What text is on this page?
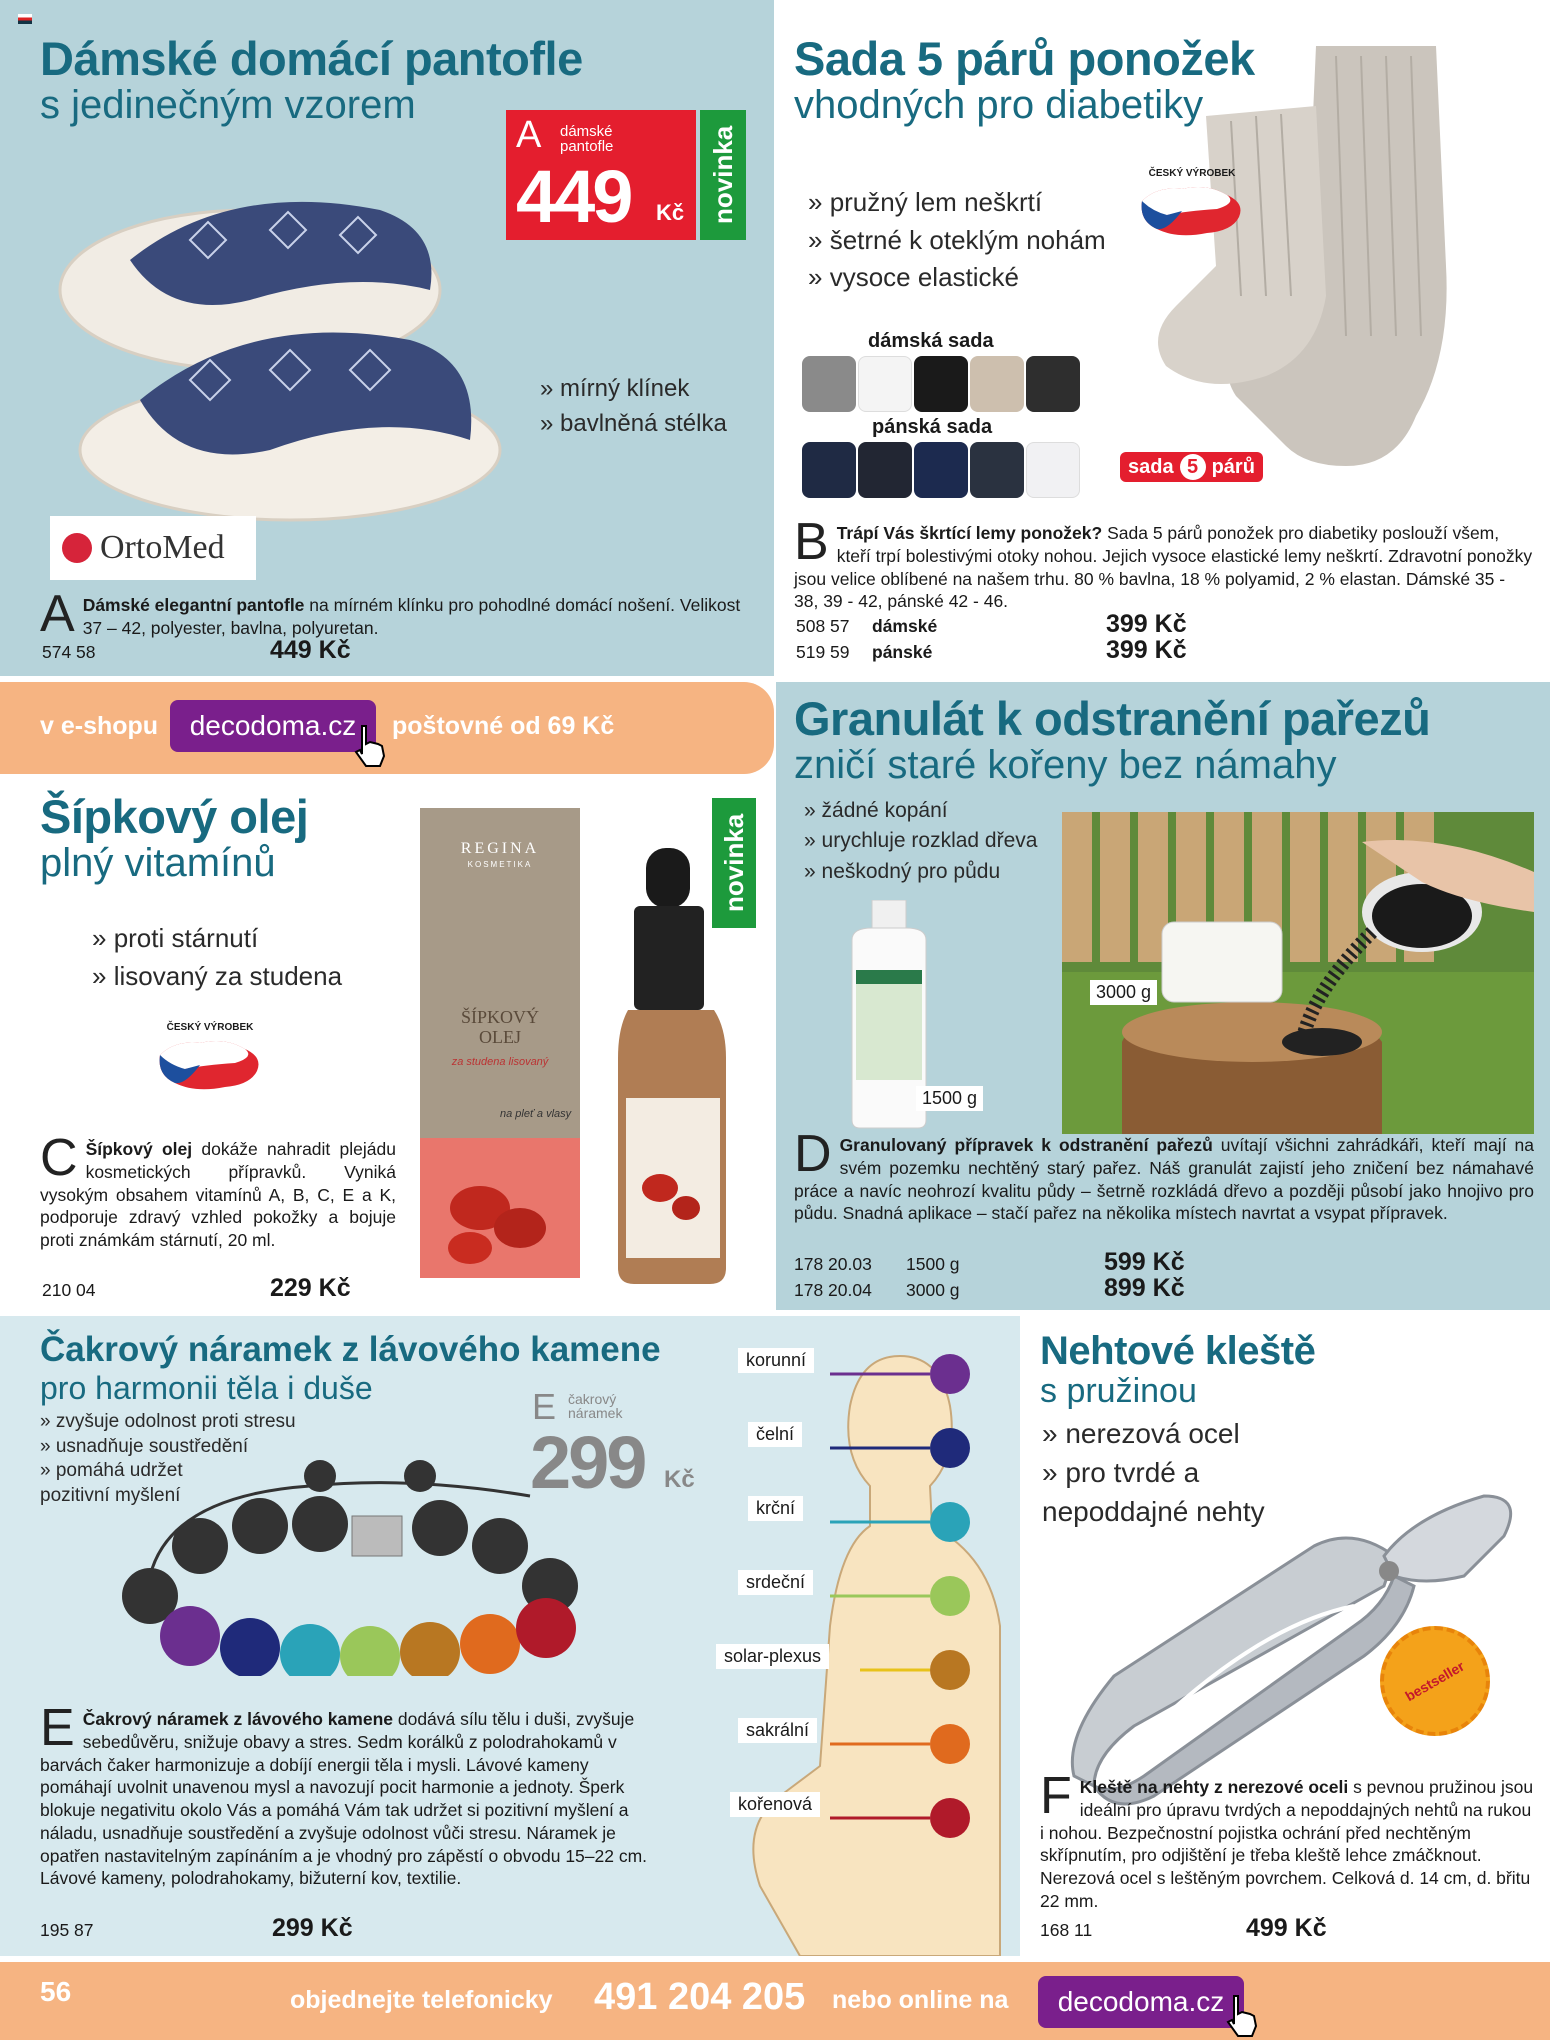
Dámské domácí pantofle
s jedinečným vzorem
A dámské pantofle
449 Kč novinka
» mírný klínek
» bavlněná stélka
OrtoMed
A Dámské elegantní pantofle na mírném klínku pro pohodlné domácí nošení. Velikost 37 – 42, polyester, bavlna, polyuretan.
574 58	449 Kč
Sada 5 párů ponožek
vhodných pro diabetiky
ČESKÝ VÝROBEK
» pružný lem neškrtí
» šetrné k oteklým nohám
» vysoce elastické
dámská sada
pánská sada
sada 5 párů
B Trápí Vás škrtící lemy ponožek? Sada 5 párů ponožek pro diabetiky poslouží všem, kteří trpí bolestivými otoky nohou. Jejich vysoce elastické lemy neškrtí. Zdravotní ponožky jsou velice oblíbené na našem trhu. 80 % bavlna, 18 % polyamid, 2 % elastan. Dámské 35 - 38, 39 - 42, pánské 42 - 46.
508 57 dámské	399 Kč
519 59 pánské	399 Kč
v e-shopu	decodoma.cz	poštovné od 69 Kč
Šípkový olej
plný vitamínů
» proti stárnutí
» lisovaný za studena
ČESKÝ VÝROBEK
REGINA
KOSMETIKA
ŠÍPKOVÝ OLEJ
za studena lisovaný
na pleť a vlasy
novinka
C Šípkový olej dokáže nahradit plejádu kosmetických přípravků. Vyniká vysokým obsahem vitamínů A, B, C, E a K, podporuje zdravý vzhled pokožky a bojuje proti známkám stárnutí, 20 ml.
210 04	229 Kč
Granulát k odstranění pařezů
zničí staré kořeny bez námahy
» žádné kopání
» urychluje rozklad dřeva
» neškodný pro půdu
1500 g
3000 g
D Granulovaný přípravek k odstranění pařezů uvítají všichni zahrádkáři, kteří mají na svém pozemku nechtěný starý pařez. Náš granulát zajistí jeho zničení bez námahavé práce a navíc neohrozí kvalitu půdy – šetrně rozkládá dřevo a později působí jako hnojivo pro půdu. Snadná aplikace – stačí pařez na několika místech navrtat a vsypat přípravek.
178 20.03 1500 g	599 Kč
178 20.04 3000 g	899 Kč
Čakrový náramek z lávového kamene
pro harmonii těla i duše
» zvyšuje odolnost proti stresu
» usnadňuje soustředění
» pomáhá udržet pozitivní myšlení
E čakrový náramek
299 Kč
korunní
čelní
krční
srdeční
solar-plexus
sakrální
kořenová
E Čakrový náramek z lávového kamene dodává sílu tělu i duši, zvyšuje sebedůvěru, snižuje obavy a stres. Sedm korálků z polodrahokamů v barvách čaker harmonizuje a dobíjí energii těla i mysli. Lávové kameny pomáhají uvolnit unavenou mysl a navozují pocit harmonie a jednoty. Šperk blokuje negativitu okolo Vás a pomáhá Vám tak udržet si pozitivní myšlení a náladu, usnadňuje soustředění a zvyšuje odolnost vůči stresu. Náramek je opatřen nastavitelným zapínáním a je vhodný pro zápěstí o obvodu 15–22 cm. Lávové kameny, polodrahokamy, bižuterní kov, textilie.
195 87	299 Kč
Nehtové kleště
s pružinou
» nerezová ocel
» pro tvrdé a nepoddajné nehty
bestseller
F Kleště na nehty z nerezové oceli s pevnou pružinou jsou ideální pro úpravu tvrdých a nepoddajných nehtů na rukou i nohou. Bezpečnostní pojistka ochrání před nechtěným skřípnutím, pro odjištění je třeba kleště lehce zmáčknout. Nerezová ocel s leštěným povrchem. Celková d. 14 cm, d. břitu 22 mm.
168 11	499 Kč
56	objednejte telefonicky 491 204 205 nebo online na	decodoma.cz
